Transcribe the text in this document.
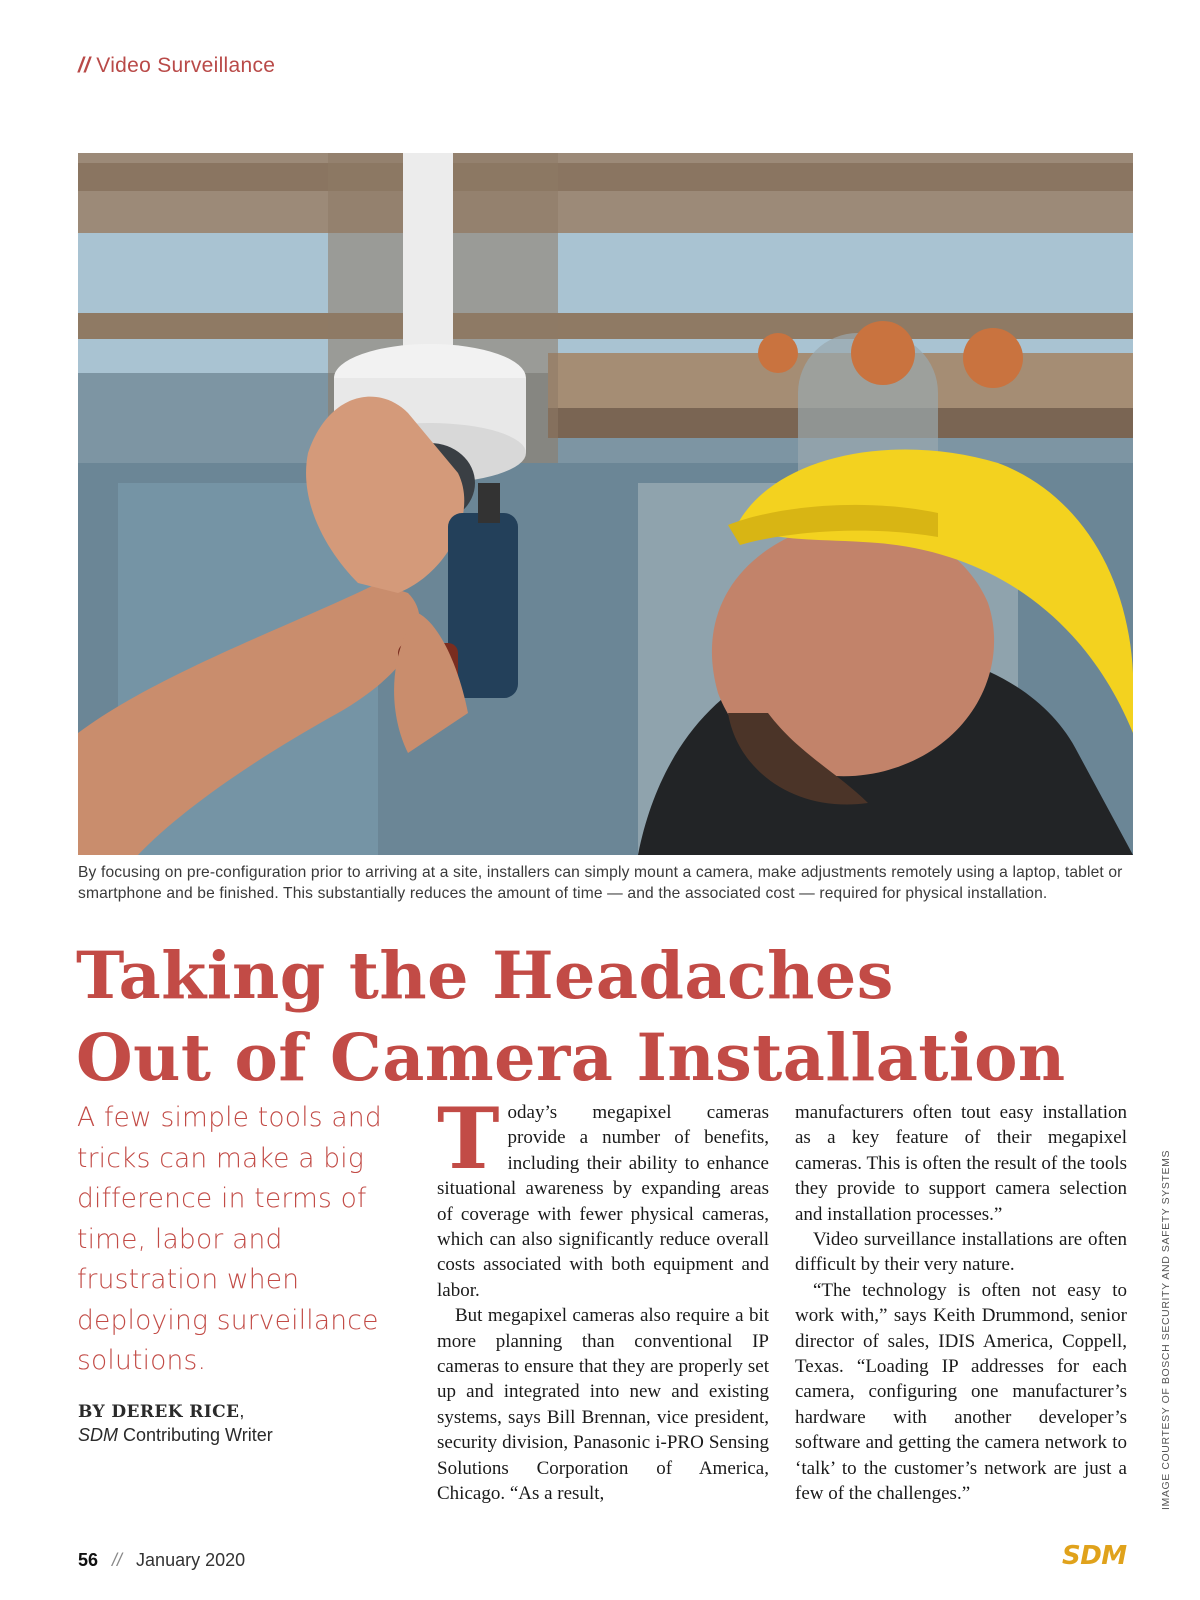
// Video Surveillance
By focusing on pre-configuration prior to arriving at a site, installers can simply mount a camera, make adjustments remotely using a laptop, tablet or smartphone and be finished. This substantially reduces the amount of time — and the associated cost — required for physical installation.
Taking the Headaches
Out of Camera Installation
A few simple tools and tricks can make a big difference in terms of time, labor and frustration when deploying surveillance solutions.
BY DEREK RICE,
SDM Contributing Writer

Today’s megapixel cameras provide a number of benefits, including their ability to enhance situational awareness by expanding areas of coverage with fewer physical cameras, which can also significantly reduce overall costs associated with both equipment and labor.

But megapixel cameras also require a bit more planning than conventional IP cameras to ensure that they are properly set up and integrated into new and existing systems, says Bill Brennan, vice president, security division, Panasonic i-PRO Sensing Solutions Corporation of America, Chicago. “As a result,

manufacturers often tout easy installation as a key feature of their megapixel cameras. This is often the result of the tools they provide to support camera selection and installation processes.”

Video surveillance installations are often difficult by their very nature.

“The technology is often not easy to work with,” says Keith Drummond, senior director of sales, IDIS America, Coppell, Texas. “Loading IP addresses for each camera, configuring one manufacturer’s hardware with another developer’s software and getting the camera network to ‘talk’ to the customer’s network are just a few of the challenges.”	IMAGE COURTESY OF BOSCH SECURITY AND SAFETY SYSTEMS
56 // January 2020	SDM
